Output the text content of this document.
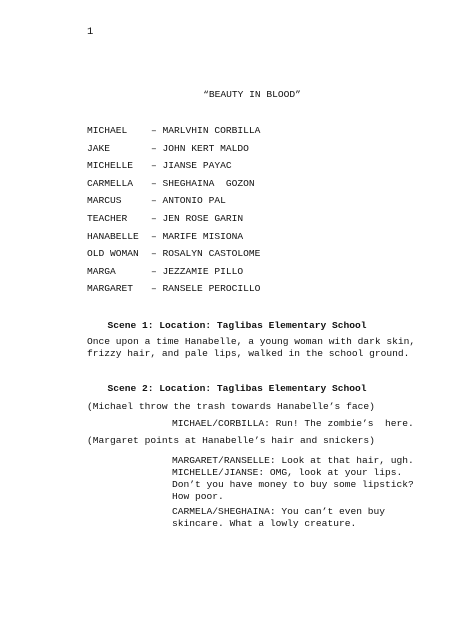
1
“BEAUTY IN BLOOD”
MICHAEL – MARLVHIN CORBILLA
JAKE	– JOHN KERT MALDO
MICHELLE – JIANSE PAYAC
CARMELLA – SHEGHAINA  GOZON
MARCUS	– ANTONIO PAL
TEACHER – JEN ROSE GARIN
HANABELLE – MARIFE MISIONA
OLD WOMAN – ROSALYN CASTOLOME
MARGA	– JEZZAMIE PILLO
MARGARET – RANSELE PEROCILLO
Scene 1: Location: Taglibas Elementary School
Once upon a time Hanabelle, a young woman with dark skin,
frizzy hair, and pale lips, walked in the school ground.
Scene 2: Location: Taglibas Elementary School
(Michael throw the trash towards Hanabelle’s face)
MICHAEL/CORBILLA: Run! The zombie’s  here.
(Margaret points at Hanabelle’s hair and snickers)
MARGARET/RANSELLE: Look at that hair, ugh.
MICHELLE/JIANSE: OMG, look at your lips.
Don’t you have money to buy some lipstick?
How poor.
CARMELA/SHEGHAINA: You can’t even buy
skincare. What a lowly creature.
